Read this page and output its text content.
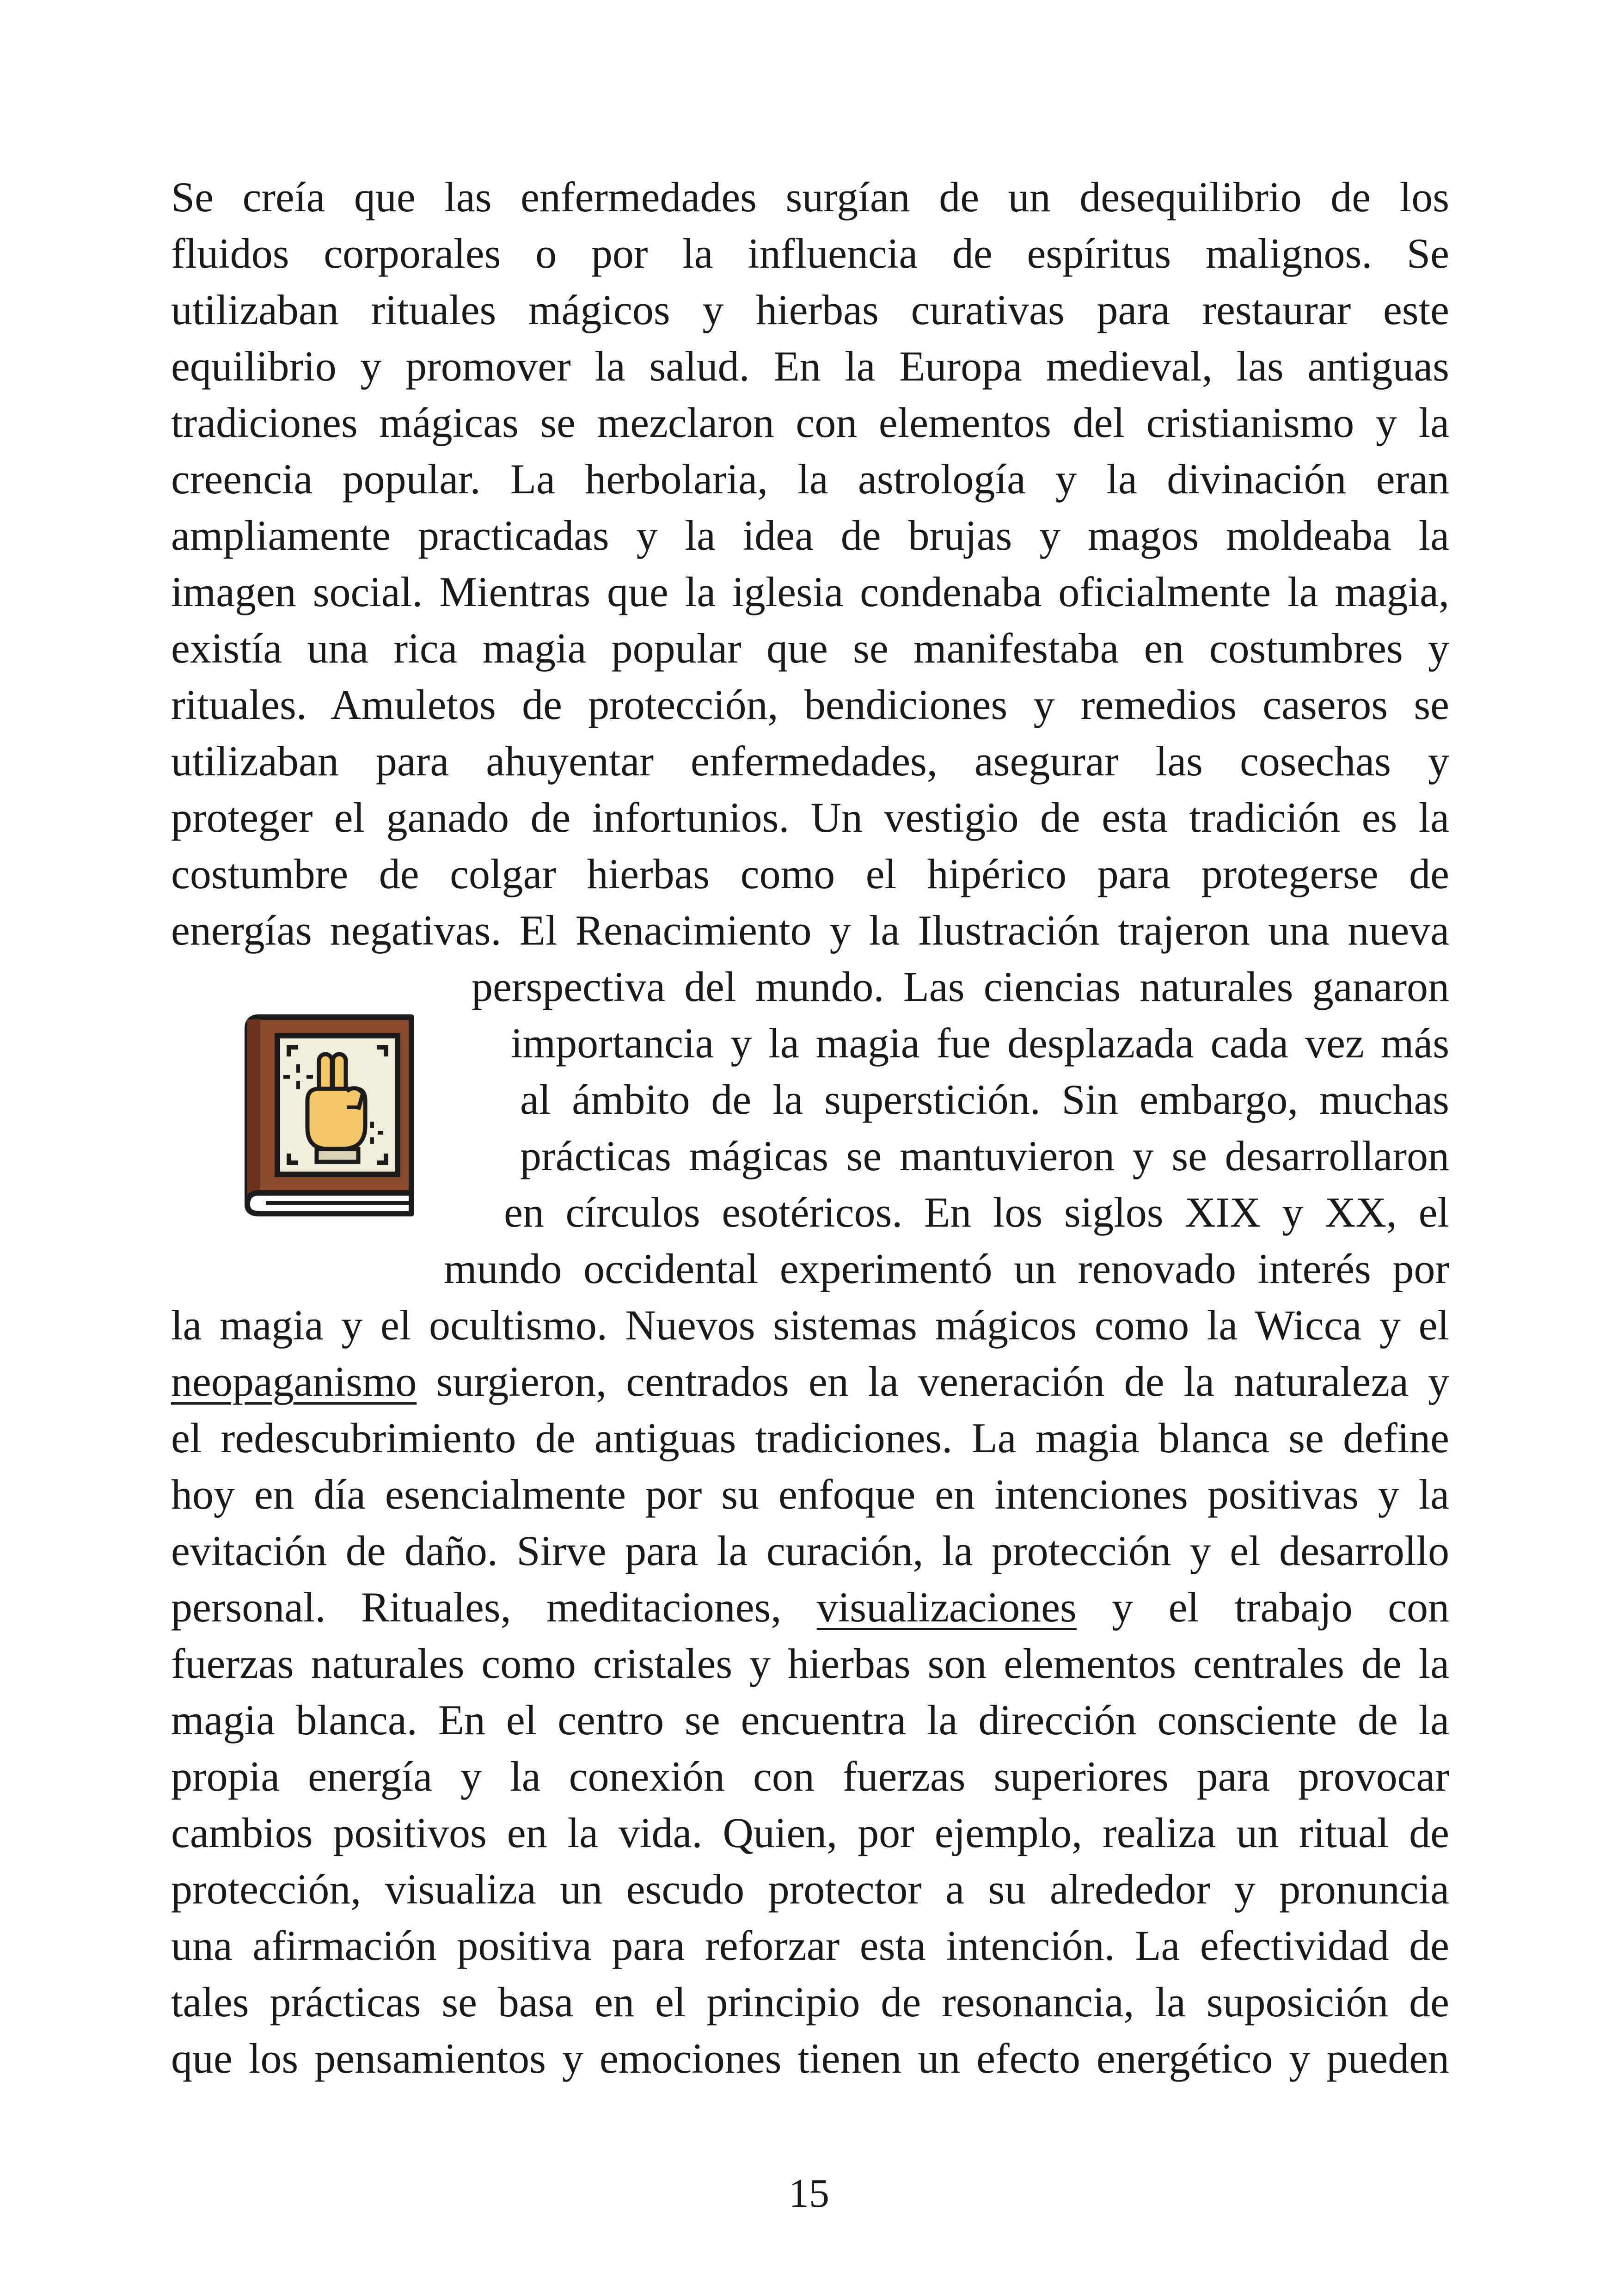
Se creía que las enfermedades surgían de un desequilibrio de los
fluidos corporales o por la influencia de espíritus malignos. Se
utilizaban rituales mágicos y hierbas curativas para restaurar este
equilibrio y promover la salud. En la Europa medieval, las antiguas
tradiciones mágicas se mezclaron con elementos del cristianismo y la
creencia popular. La herbolaria, la astrología y la divinación eran
ampliamente practicadas y la idea de brujas y magos moldeaba la
imagen social. Mientras que la iglesia condenaba oficialmente la magia,
existía una rica magia popular que se manifestaba en costumbres y
rituales. Amuletos de protección, bendiciones y remedios caseros se
utilizaban para ahuyentar enfermedades, asegurar las cosechas y
proteger el ganado de infortunios. Un vestigio de esta tradición es la
costumbre de colgar hierbas como el hipérico para protegerse de
energías negativas. El Renacimiento y la Ilustración trajeron una nueva
perspectiva del mundo. Las ciencias naturales ganaron
importancia y la magia fue desplazada cada vez más
al ámbito de la superstición. Sin embargo, muchas
prácticas mágicas se mantuvieron y se desarrollaron
en círculos esotéricos. En los siglos XIX y XX, el
mundo occidental experimentó un renovado interés por
la magia y el ocultismo. Nuevos sistemas mágicos como la Wicca y el
neopaganismo surgieron, centrados en la veneración de la naturaleza y
el redescubrimiento de antiguas tradiciones. La magia blanca se define
hoy en día esencialmente por su enfoque en intenciones positivas y la
evitación de daño. Sirve para la curación, la protección y el desarrollo
personal. Rituales, meditaciones, visualizaciones y el trabajo con
fuerzas naturales como cristales y hierbas son elementos centrales de la
magia blanca. En el centro se encuentra la dirección consciente de la
propia energía y la conexión con fuerzas superiores para provocar
cambios positivos en la vida. Quien, por ejemplo, realiza un ritual de
protección, visualiza un escudo protector a su alrededor y pronuncia
una afirmación positiva para reforzar esta intención. La efectividad de
tales prácticas se basa en el principio de resonancia, la suposición de
que los pensamientos y emociones tienen un efecto energético y pueden
15
